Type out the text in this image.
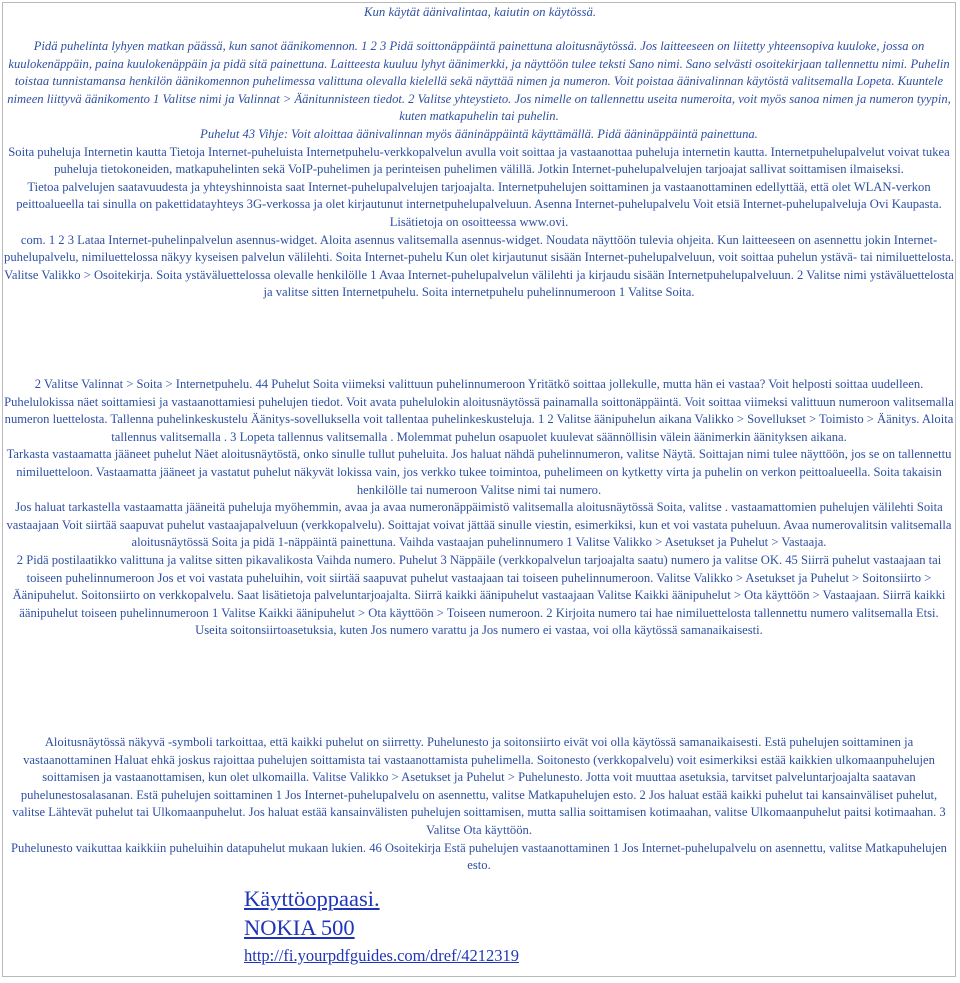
Kun käytät äänivalintaa, kaiutin on käytössä.

Pidä puhelinta lyhyen matkan päässä, kun sanot äänikomennon. 1 2 3 Pidä soittonäppäintä painettuna aloitusnäytössä. Jos laitteeseen on liitetty yhteensopiva kuuloke, jossa on kuulokenäppäin, paina kuulokenäppäin ja pidä sitä painettuna. Laitteesta kuuluu lyhyt äänimerkki, ja näyttöön tulee teksti Sano nimi. Sano selvästi osoitekirjaan tallennettu nimi. Puhelin toistaa tunnistamansa henkilön äänikomennon puhelimessa valittuna olevalla kielellä sekä näyttää nimen ja numeron. Voit poistaa äänivalinnan käytöstä valitsemalla Lopeta. Kuuntele nimeen liittyvä äänikomento 1 Valitse nimi ja Valinnat > Äänitunnisteen tiedot. 2 Valitse yhteystieto. Jos nimelle on tallennettu useita numeroita, voit myös sanoa nimen ja numeron tyypin, kuten matkapuhelin tai puhelin.

Puhelut 43 Vihje: Voit aloittaa äänivalinnan myös ääninäppäintä käyttämällä. Pidä ääninäppäintä painettuna.

Soita puheluja Internetin kautta Tietoja Internet-puheluista Internetpuhelu-verkkopalvelun avulla voit soittaa ja vastaanottaa puheluja internetin kautta. Internetpuhelupalvelut voivat tukea puheluja tietokoneiden, matkapuhelinten sekä VoIP-puhelimen ja perinteisen puhelimen välillä. Jotkin Internet-puhelupalvelujen tarjoajat sallivat soittamisen ilmaiseksi.

Tietoa palvelujen saatavuudesta ja yhteyshinnoista saat Internet-puhelupalvelujen tarjoajalta. Internetpuhelujen soittaminen ja vastaanottaminen edellyttää, että olet WLAN-verkon peittoalueella tai sinulla on pakettidatayhteys 3G-verkossa ja olet kirjautunut internetpuhelupalveluun. Asenna Internet-puhelupalvelu Voit etsiä Internet-puhelupalveluja Ovi Kaupasta. Lisätietoja on osoitteessa www.ovi.

com. 1 2 3 Lataa Internet-puhelinpalvelun asennus-widget. Aloita asennus valitsemalla asennus-widget. Noudata näyttöön tulevia ohjeita. Kun laitteeseen on asennettu jokin Internet-puhelupalvelu, nimiluettelossa näkyy kyseisen palvelun välilehti. Soita Internet-puhelu Kun olet kirjautunut sisään Internet-puhelupalveluun, voit soittaa puhelun ystävä- tai nimiluettelosta. Valitse Valikko > Osoitekirja. Soita ystäväluettelossa olevalle henkilölle 1 Avaa Internet-puhelupalvelun välilehti ja kirjaudu sisään Internetpuhelupalveluun. 2 Valitse nimi ystäväluettelosta ja valitse sitten Internetpuhelu. Soita internetpuhelu puhelinnumeroon 1 Valitse Soita.

2 Valitse Valinnat > Soita > Internetpuhelu. 44 Puhelut Soita viimeksi valittuun puhelinnumeroon Yritätkö soittaa jollekulle, mutta hän ei vastaa? Voit helposti soittaa uudelleen. Puhelulokissa näet soittamiesi ja vastaanottamiesi puhelujen tiedot. Voit avata puhelulokin aloitusnäytössä painamalla soittonäppäintä. Voit soittaa viimeksi valittuun numeroon valitsemalla numeron luettelosta. Tallenna puhelinkeskustelu Äänitys-sovelluksella voit tallentaa puhelinkeskusteluja. 1 2 Valitse äänipuhelun aikana Valikko > Sovellukset > Toimisto > Äänitys. Aloita tallennus valitsemalla . 3 Lopeta tallennus valitsemalla . Molemmat puhelun osapuolet kuulevat säännöllisin välein äänimerkin äänityksen aikana.

Tarkasta vastaamatta jääneet puhelut Näet aloitusnäytöstä, onko sinulle tullut puheluita. Jos haluat nähdä puhelinnumeron, valitse Näytä. Soittajan nimi tulee näyttöön, jos se on tallennettu nimiluetteloon. Vastaamatta jääneet ja vastatut puhelut näkyvät lokissa vain, jos verkko tukee toimintoa, puhelimeen on kytketty virta ja puhelin on verkon peittoalueella. Soita takaisin henkilölle tai numeroon Valitse nimi tai numero.

Jos haluat tarkastella vastaamatta jääneitä puheluja myöhemmin, avaa ja avaa numeronäppäimistö valitsemalla aloitusnäytössä Soita, valitse . vastaamattomien puhelujen välilehti Soita vastaajaan Voit siirtää saapuvat puhelut vastaajapalveluun (verkkopalvelu). Soittajat voivat jättää sinulle viestin, esimerkiksi, kun et voi vastata puheluun. Avaa numerovalitsin valitsemalla aloitusnäytössä Soita ja pidä 1-näppäintä painettuna. Vaihda vastaajan puhelinnumero 1 Valitse Valikko > Asetukset ja Puhelut > Vastaaja.

2 Pidä postilaatikko valittuna ja valitse sitten pikavalikosta Vaihda numero. Puhelut 3 Näppäile (verkkopalvelun tarjoajalta saatu) numero ja valitse OK. 45 Siirrä puhelut vastaajaan tai toiseen puhelinnumeroon Jos et voi vastata puheluihin, voit siirtää saapuvat puhelut vastaajaan tai toiseen puhelinnumeroon. Valitse Valikko > Asetukset ja Puhelut > Soitonsiirto > Äänipuhelut. Soitonsiirto on verkkopalvelu. Saat lisätietoja palveluntarjoajalta. Siirrä kaikki äänipuhelut vastaajaan Valitse Kaikki äänipuhelut > Ota käyttöön > Vastaajaan. Siirrä kaikki äänipuhelut toiseen puhelinnumeroon 1 Valitse Kaikki äänipuhelut > Ota käyttöön > Toiseen numeroon. 2 Kirjoita numero tai hae nimiluettelosta tallennettu numero valitsemalla Etsi. Useita soitonsiirtoasetuksia, kuten Jos numero varattu ja Jos numero ei vastaa, voi olla käytössä samanaikaisesti.

Aloitusnäytössä näkyvä -symboli tarkoittaa, että kaikki puhelut on siirretty. Puhelunesto ja soitonsiirto eivät voi olla käytössä samanaikaisesti. Estä puhelujen soittaminen ja vastaanottaminen Haluat ehkä joskus rajoittaa puhelujen soittamista tai vastaanottamista puhelimella. Soitonesto (verkkopalvelu) voit esimerkiksi estää kaikkien ulkomaanpuhelujen soittamisen ja vastaanottamisen, kun olet ulkomailla. Valitse Valikko > Asetukset ja Puhelut > Puhelunesto. Jotta voit muuttaa asetuksia, tarvitset palveluntarjoajalta saatavan puhelunestosalasanan. Estä puhelujen soittaminen 1 Jos Internet-puhelupalvelu on asennettu, valitse Matkapuhelujen esto. 2 Jos haluat estää kaikki puhelut tai kansainväliset puhelut, valitse Lähtevät puhelut tai Ulkomaanpuhelut. Jos haluat estää kansainvälisten puhelujen soittamisen, mutta sallia soittamisen kotimaahan, valitse Ulkomaanpuhelut paitsi kotimaahan. 3 Valitse Ota käyttöön.

Puhelunesto vaikuttaa kaikkiin puheluihin datapuhelut mukaan lukien. 46 Osoitekirja Estä puhelujen vastaanottaminen 1 Jos Internet-puhelupalvelu on asennettu, valitse Matkapuhelujen esto.

Käyttöoppaasi.
NOKIA 500
http://fi.yourpdfguides.com/dref/4212319
